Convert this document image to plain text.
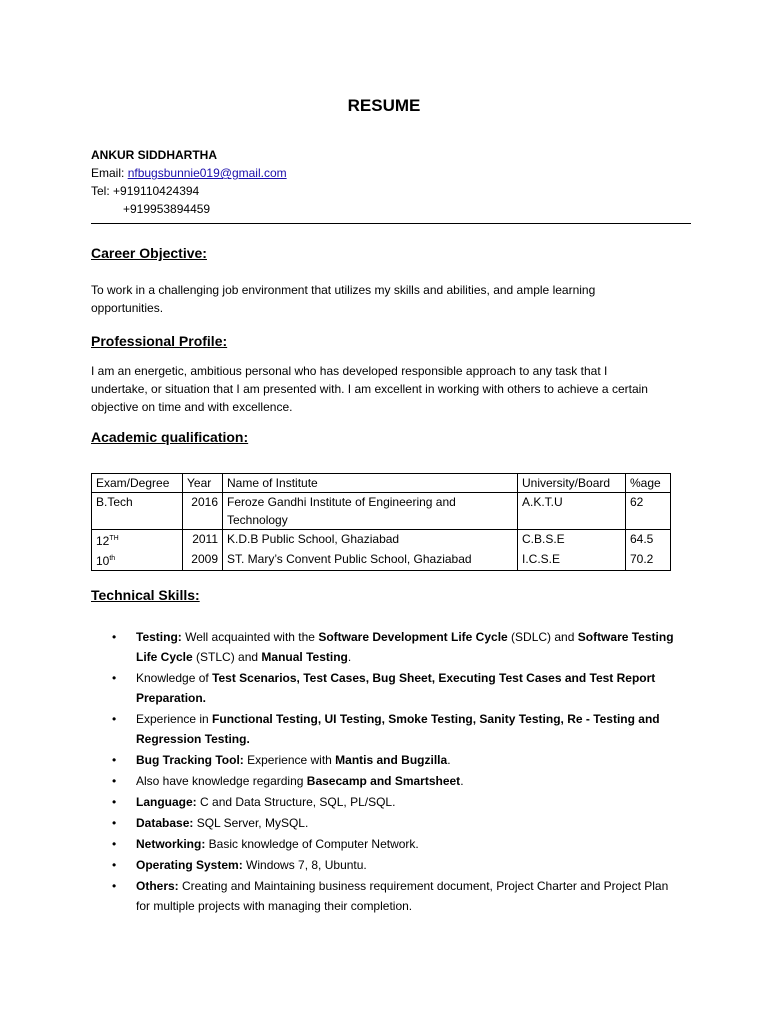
RESUME
ANKUR SIDDHARTHA
Email: nfbugsbunnie019@gmail.com
Tel: +919110424394
+919953894459
Career Objective:
To work in a challenging job environment that utilizes my skills and abilities, and ample learning opportunities.
Professional Profile:
I am an energetic, ambitious personal who has developed responsible approach to any task that I undertake, or situation that I am presented with. I am excellent in working with others to achieve a certain objective on time and with excellence.
Academic qualification:
Exam/Degree	Year	Name of Institute	University/Board	%age
B.Tech	2016	Feroze Gandhi Institute of Engineering and Technology	A.K.T.U	62
12TH	2011	K.D.B Public School, Ghaziabad	C.B.S.E	64.5
10th	2009	ST. Mary’s Convent Public School, Ghaziabad	I.C.S.E	70.2
Technical Skills:
• Testing: Well acquainted with the Software Development Life Cycle (SDLC) and Software Testing Life Cycle (STLC) and Manual Testing.
• Knowledge of Test Scenarios, Test Cases, Bug Sheet, Executing Test Cases and Test Report Preparation.
• Experience in Functional Testing, UI Testing, Smoke Testing, Sanity Testing, Re - Testing and Regression Testing.
• Bug Tracking Tool: Experience with Mantis and Bugzilla.
• Also have knowledge regarding Basecamp and Smartsheet.
• Language: C and Data Structure, SQL, PL/SQL.
• Database: SQL Server, MySQL.
• Networking: Basic knowledge of Computer Network.
• Operating System: Windows 7, 8, Ubuntu.
• Others: Creating and Maintaining business requirement document, Project Charter and Project Plan for multiple projects with managing their completion.
